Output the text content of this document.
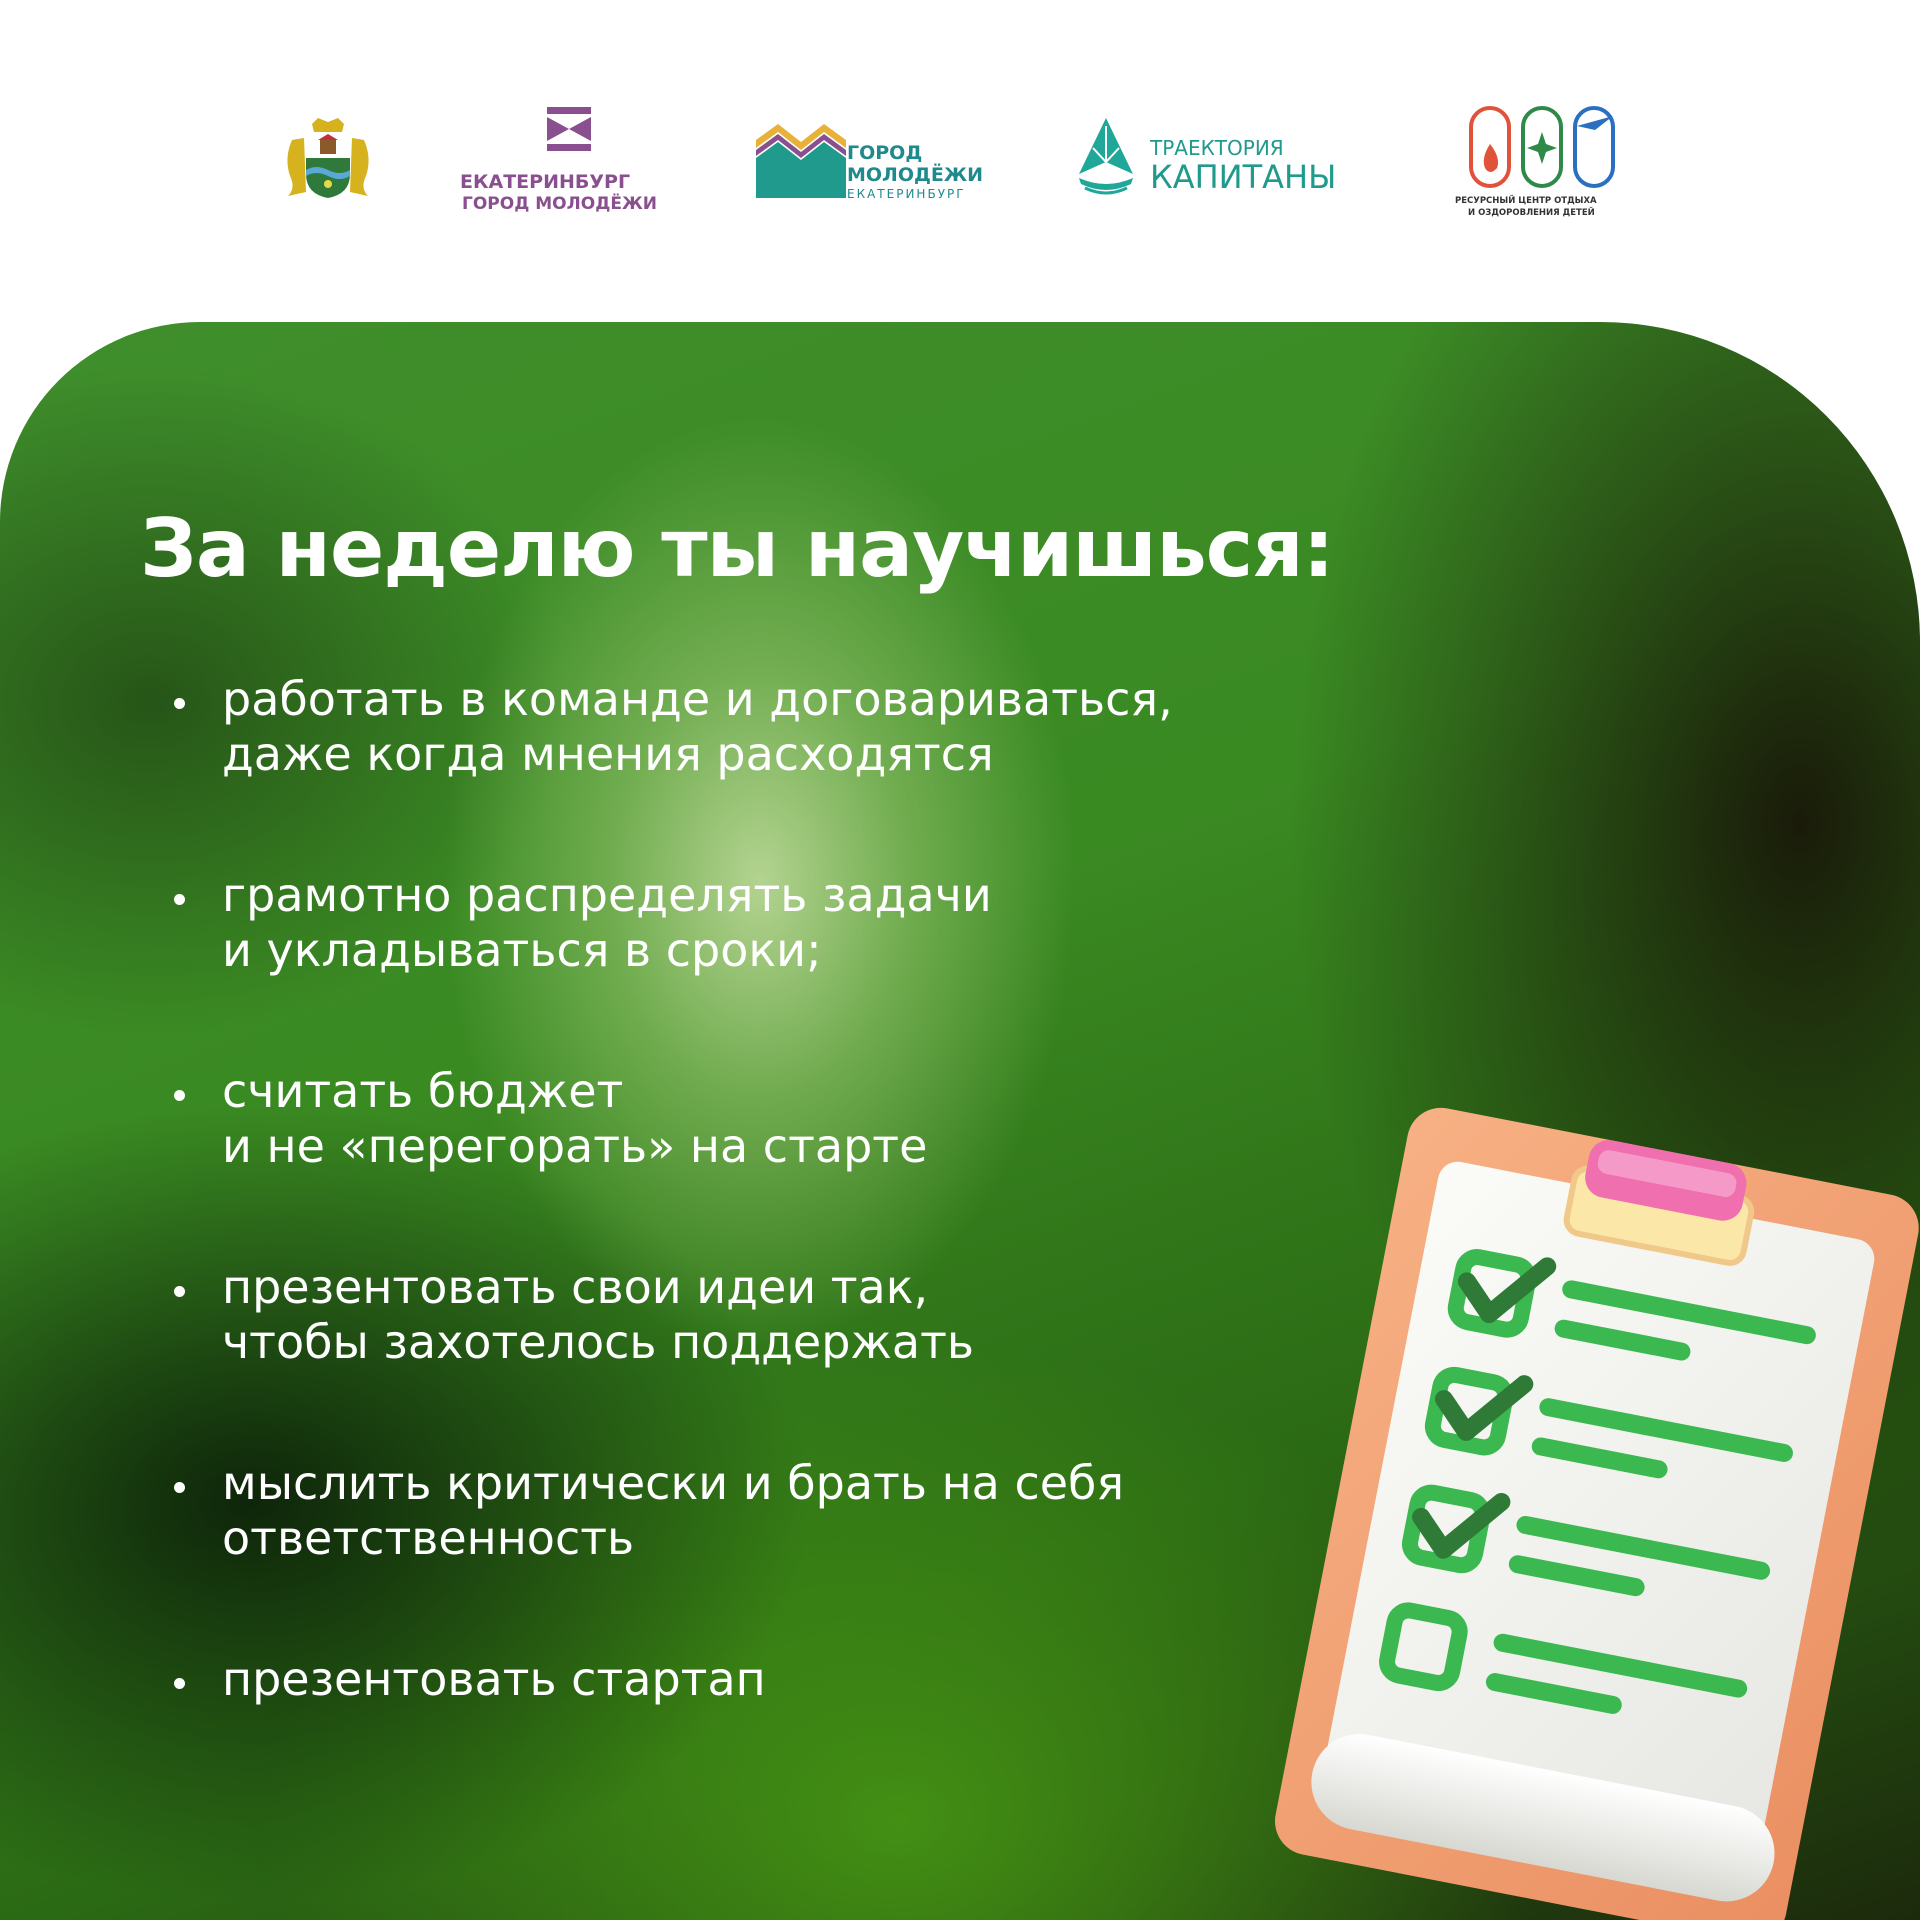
ЕКАТЕРИНБУРГ
ГОРОД МОЛОДЁЖИ
ГОРОД
МОЛОДЁЖИ
ЕКАТЕРИНБУРГ
ТРАЕКТОРИЯ
КАПИТАНЫ
РЕСУРСНЫЙ ЦЕНТР ОТДЫХА
И ОЗДОРОВЛЕНИЯ ДЕТЕЙ
За неделю ты научишься:
работать в команде и договариваться,
даже когда мнения расходятся
грамотно распределять задачи
и укладываться в сроки;
считать бюджет
и не «перегорать» на старте
презентовать свои идеи так,
чтобы захотелось поддержать
мыслить критически и брать на себя
ответственность
презентовать стартап
